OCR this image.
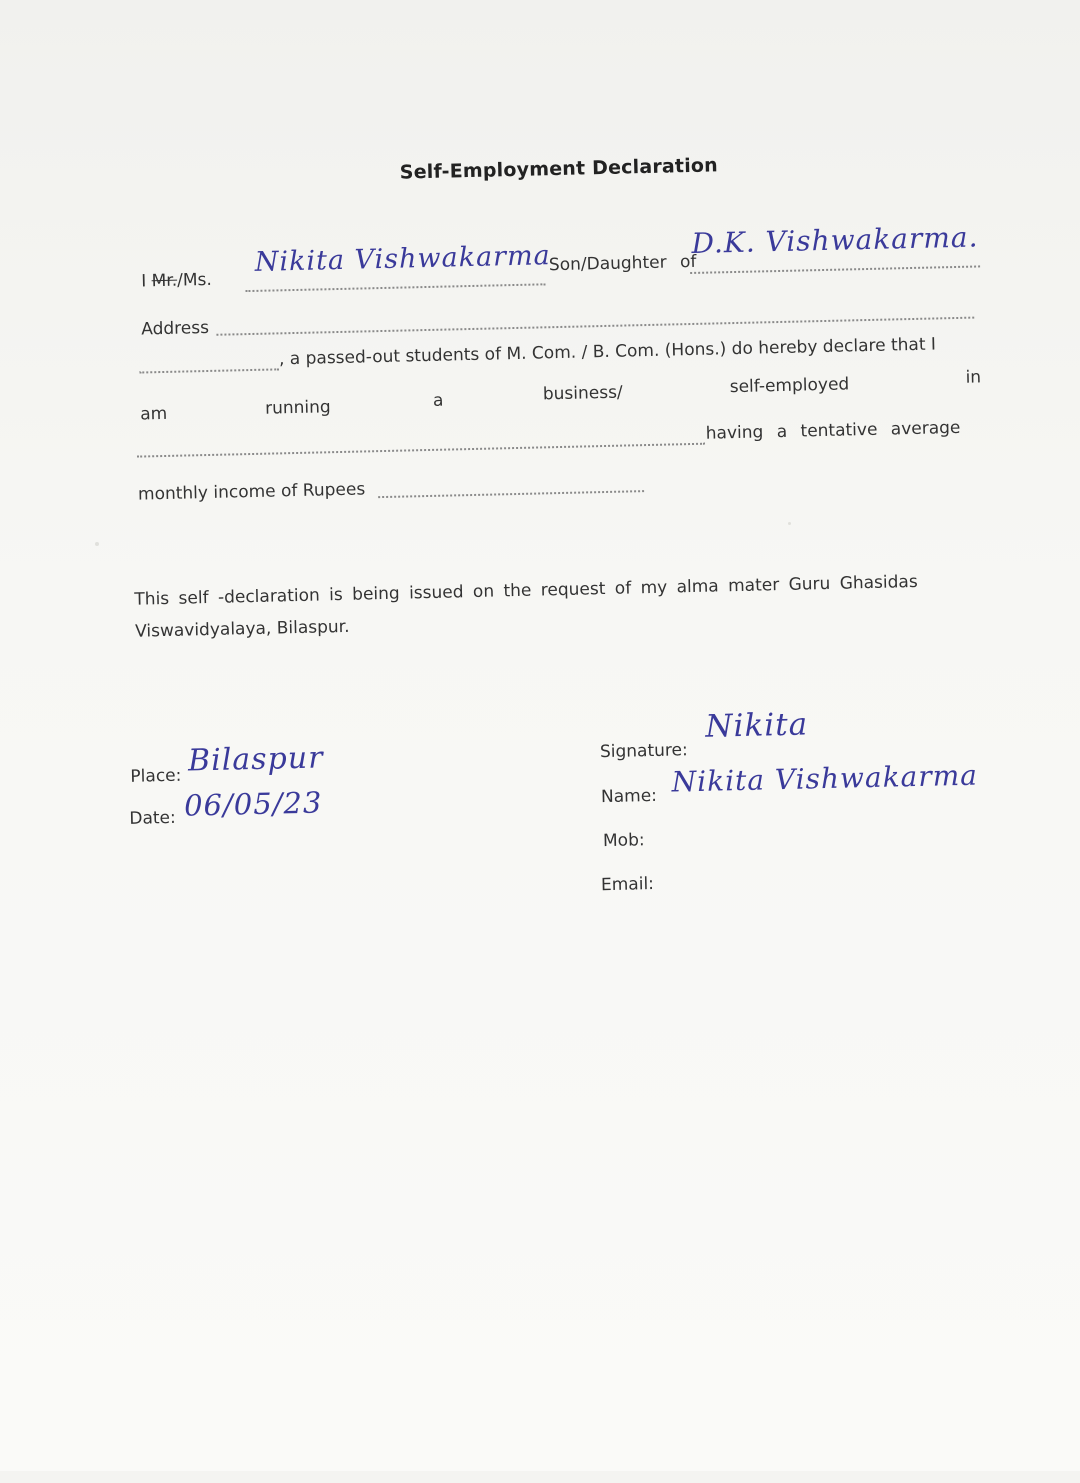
Self-Employment Declaration
I Mr./Ms.
Nikita Vishwakarma
Son/Daughter of
D.K. Vishwakarma.
Address
, a passed-out students of M. Com. / B. Com. (Hons.) do hereby declare that I
am	running	a	business/	self-employed	in
having a tentative average
monthly income of Rupees
This self -declaration is being issued on the request of my alma mater Guru Ghasidas
Viswavidyalaya, Bilaspur.
Place: Bilaspur
Date: 06/05/23
Signature:
Nikita
Name: Nikita Vishwakarma
Mob:
Email:
